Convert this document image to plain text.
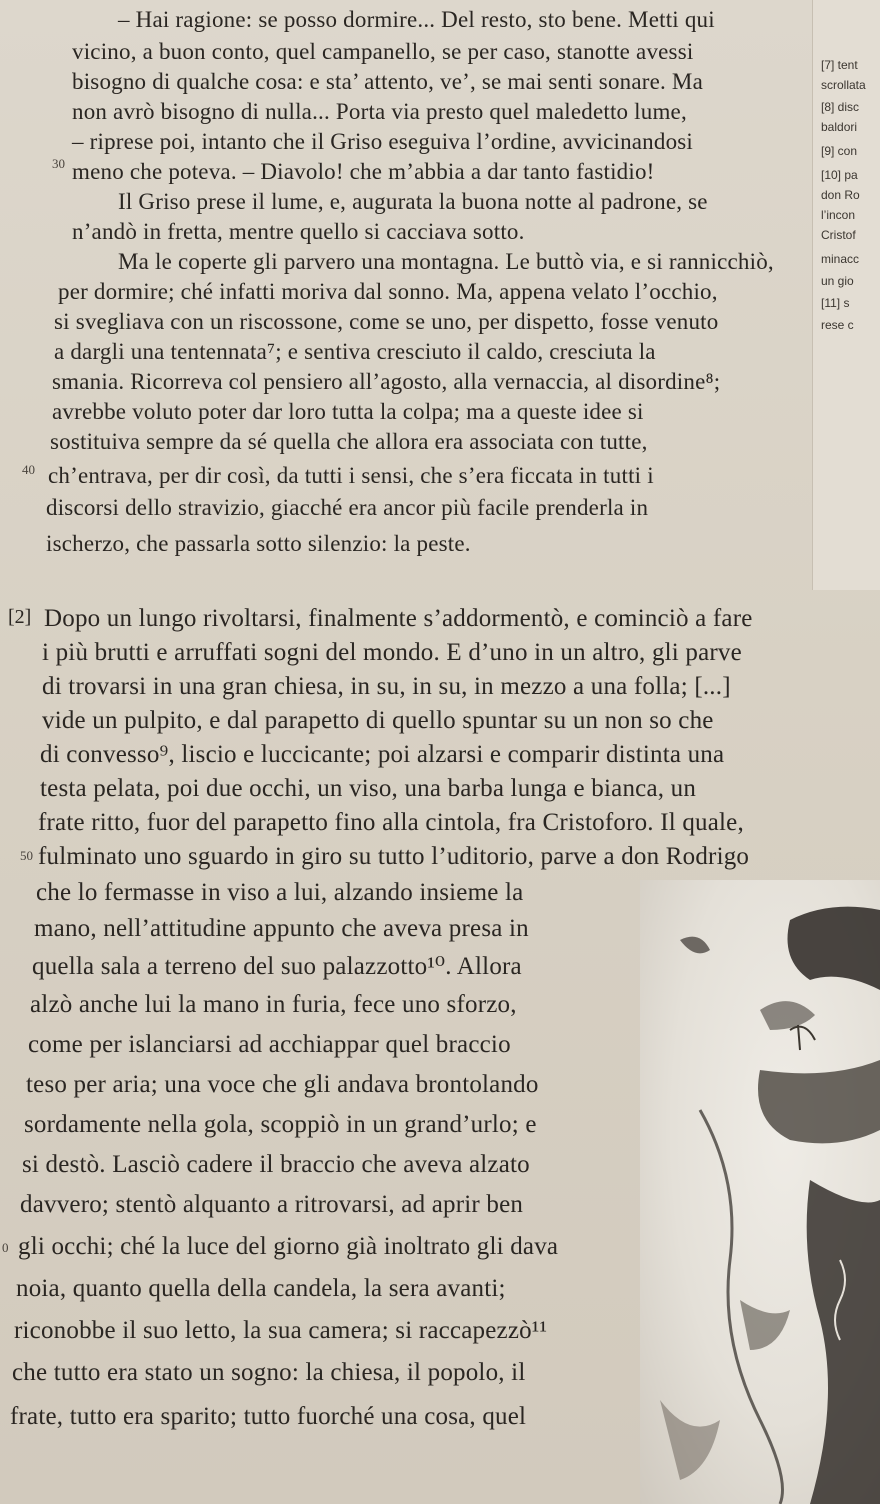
– Hai ragione: se posso dormire... Del resto, sto bene. Metti qui
vicino, a buon conto, quel campanello, se per caso, stanotte avessi
bisogno di qualche cosa: e sta’ attento, ve’, se mai senti sonare. Ma
non avrò bisogno di nulla... Porta via presto quel maledetto lume,
– riprese poi, intanto che il Griso eseguiva l’ordine, avvicinandosi
meno che poteva. – Diavolo! che m’abbia a dar tanto fastidio!
Il Griso prese il lume, e, augurata la buona notte al padrone, se
n’andò in fretta, mentre quello si cacciava sotto.
Ma le coperte gli parvero una montagna. Le buttò via, e si rannicchiò,
per dormire; ché infatti moriva dal sonno. Ma, appena velato l’occhio,
si svegliava con un riscossone, come se uno, per dispetto, fosse venuto
a dargli una tentennata⁷; e sentiva cresciuto il caldo, cresciuta la
smania. Ricorreva col pensiero all’agosto, alla vernaccia, al disordine⁸;
avrebbe voluto poter dar loro tutta la colpa; ma a queste idee si
sostituiva sempre da sé quella che allora era associata con tutte,
ch’entrava, per dir così, da tutti i sensi, che s’era ficcata in tutti i
discorsi dello stravizio, giacché era ancor più facile prenderla in
ischerzo, che passarla sotto silenzio: la peste.
30
40
[2] Dopo un lungo rivoltarsi, finalmente s’addormentò, e cominciò a fare
i più brutti e arruffati sogni del mondo. E d’uno in un altro, gli parve
di trovarsi in una gran chiesa, in su, in su, in mezzo a una folla; [...]
vide un pulpito, e dal parapetto di quello spuntar su un non so che
di convesso⁹, liscio e luccicante; poi alzarsi e comparir distinta una
testa pelata, poi due occhi, un viso, una barba lunga e bianca, un
frate ritto, fuor del parapetto fino alla cintola, fra Cristoforo. Il quale,
fulminato uno sguardo in giro su tutto l’uditorio, parve a don Rodrigo
che lo fermasse in viso a lui, alzando insieme la
mano, nell’attitudine appunto che aveva presa in
quella sala a terreno del suo palazzotto¹⁰. Allora
alzò anche lui la mano in furia, fece uno sforzo,
come per islanciarsi ad acchiappar quel braccio
teso per aria; una voce che gli andava brontolando
sordamente nella gola, scoppiò in un grand’urlo; e
si destò. Lasciò cadere il braccio che aveva alzato
davvero; stentò alquanto a ritrovarsi, ad aprir ben
gli occhi; ché la luce del giorno già inoltrato gli dava
noia, quanto quella della candela, la sera avanti;
riconobbe il suo letto, la sua camera; si raccapezzò¹¹
che tutto era stato un sogno: la chiesa, il popolo, il
frate, tutto era sparito; tutto fuorché una cosa, quel
50
0
[7] tent
scrollata
[8] disc
baldori
[9] con
[10] pa
don Ro
l’incon
Cristof
minacc
un gio
[11] s
rese c
